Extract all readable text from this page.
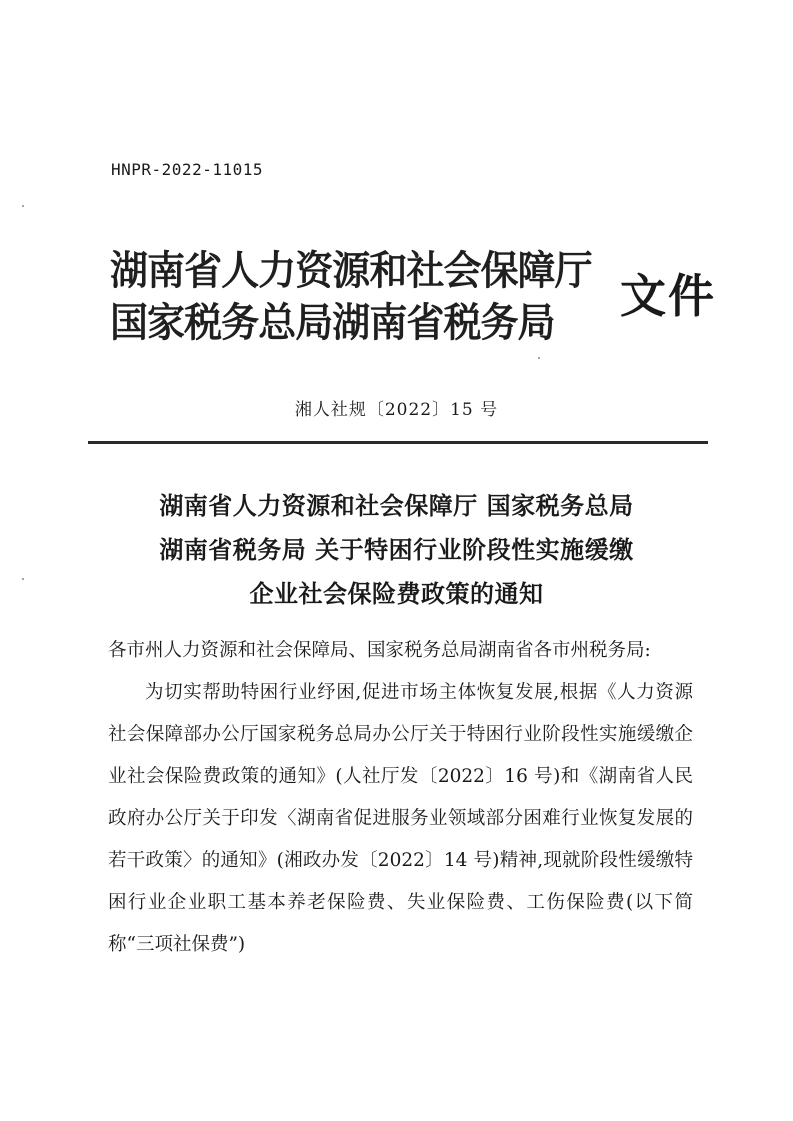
HNPR-2022-11015
湖南省人力资源和社会保障厅
国家税务总局湖南省税务局 文件
湘人社规〔2022〕15 号
湖南省人力资源和社会保障厅 国家税务总局
湖南省税务局 关于特困行业阶段性实施缓缴
企业社会保险费政策的通知

各市州人力资源和社会保障局、国家税务总局湖南省各市州税务局:

为切实帮助特困行业纾困,促进市场主体恢复发展,根据《人力资源社会保障部办公厅国家税务总局办公厅关于特困行业阶段性实施缓缴企业社会保险费政策的通知》(人社厅发〔2022〕16 号)和《湖南省人民政府办公厅关于印发〈湖南省促进服务业领域部分困难行业恢复发展的若干政策〉的通知》(湘政办发〔2022〕14 号)精神,现就阶段性缓缴特困行业企业职工基本养老保险费、失业保险费、工伤保险费(以下简称“三项社保费”)
